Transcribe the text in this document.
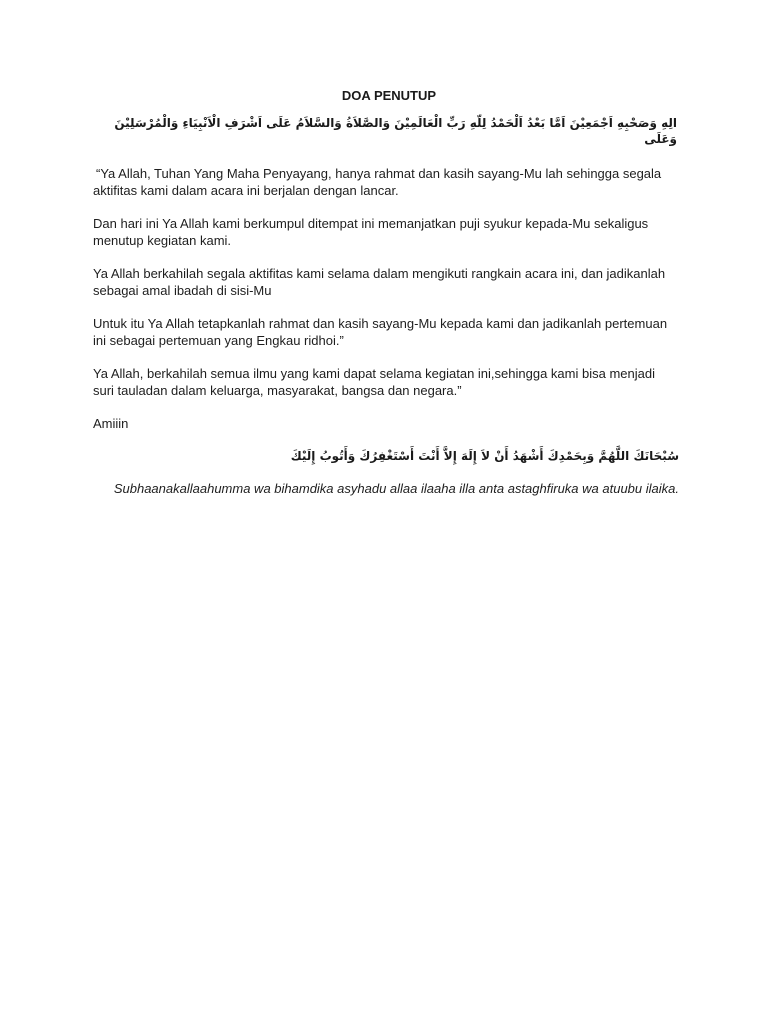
DOA PENUTUP

الِهِ وَصَحْبِهِ اَجْمَعِيْنَ اَمَّا بَعْدُ اَلْحَمْدُ لِلّهِ رَبِّ الْعَالَمِيْنَ وَالصَّلاَةُ وَالسَّلاَمُ عَلَى اَشْرَفِ الْاَنْبِيَاءِ وَالْمُرْسَلِيْنَ وَعَلَى

“Ya Allah, Tuhan Yang Maha Penyayang, hanya rahmat dan kasih sayang-Mu lah sehingga segala aktifitas kami dalam acara ini berjalan dengan lancar.

Dan hari ini Ya Allah kami berkumpul ditempat ini memanjatkan puji syukur kepada-Mu sekaligus menutup kegiatan kami.

Ya Allah berkahilah segala aktifitas kami selama dalam mengikuti rangkain acara ini, dan jadikanlah sebagai amal ibadah di sisi-Mu

Untuk itu Ya Allah tetapkanlah rahmat dan kasih sayang-Mu kepada kami dan jadikanlah pertemuan ini sebagai pertemuan yang Engkau ridhoi.”

Ya Allah, berkahilah semua ilmu yang kami dapat selama kegiatan ini,sehingga kami bisa menjadi suri tauladan dalam keluarga, masyarakat, bangsa dan negara.”

Amiiin

سُبْحَانَكَ اللَّهُمَّ وَبِحَمْدِكَ أَشْهَدُ أَنْ لاَ إِلَهَ إِلاَّ أَنْتَ أَسْتَغْفِرُكَ وَأَتُوبُ إِلَيْكَ

Subhaanakallaahumma wa bihamdika asyhadu allaa ilaaha illa anta astaghfiruka wa atuubu ilaika.
